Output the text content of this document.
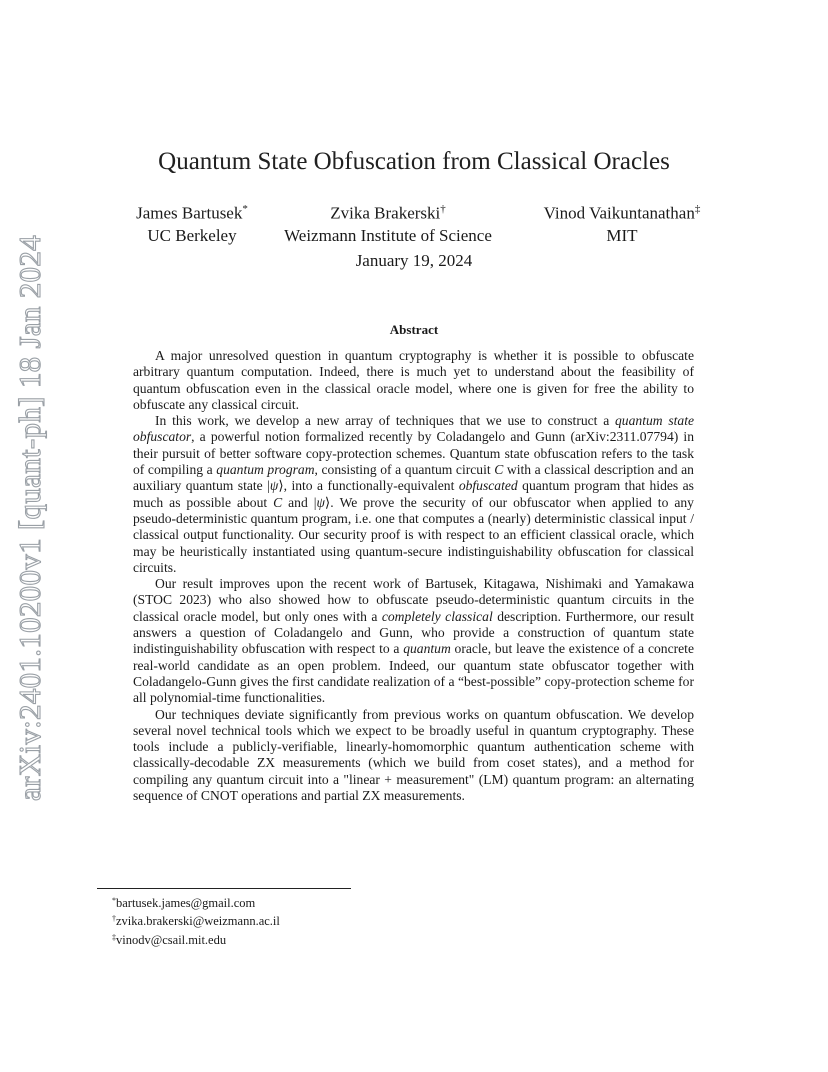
arXiv:2401.10200v1 [quant-ph] 18 Jan 2024
Quantum State Obfuscation from Classical Oracles
James Bartusek*
UC Berkeley
Zvika Brakerski†
Weizmann Institute of Science
Vinod Vaikuntanathan‡
MIT
January 19, 2024
Abstract

A major unresolved question in quantum cryptography is whether it is possible to obfuscate arbitrary quantum computation. Indeed, there is much yet to understand about the feasibility of quantum obfuscation even in the classical oracle model, where one is given for free the ability to obfuscate any classical circuit.

In this work, we develop a new array of techniques that we use to construct a quantum state obfuscator, a powerful notion formalized recently by Coladangelo and Gunn (arXiv:2311.07794) in their pursuit of better software copy-protection schemes. Quantum state obfuscation refers to the task of compiling a quantum program, consisting of a quantum circuit C with a classical description and an auxiliary quantum state |ψ⟩, into a functionally-equivalent obfuscated quantum program that hides as much as possible about C and |ψ⟩. We prove the security of our obfuscator when applied to any pseudo-deterministic quantum program, i.e. one that computes a (nearly) deterministic classical input / classical output functionality. Our security proof is with respect to an efficient classical oracle, which may be heuristically instantiated using quantum-secure indistinguishability obfuscation for classical circuits.

Our result improves upon the recent work of Bartusek, Kitagawa, Nishimaki and Yamakawa (STOC 2023) who also showed how to obfuscate pseudo-deterministic quantum circuits in the classical oracle model, but only ones with a completely classical description. Furthermore, our result answers a question of Coladangelo and Gunn, who provide a construction of quantum state indistinguishability obfuscation with respect to a quantum oracle, but leave the existence of a concrete real-world candidate as an open problem. Indeed, our quantum state obfuscator together with Coladangelo-Gunn gives the first candidate realization of a “best-possible” copy-protection scheme for all polynomial-time functionalities.

Our techniques deviate significantly from previous works on quantum obfuscation. We develop several novel technical tools which we expect to be broadly useful in quantum cryptography. These tools include a publicly-verifiable, linearly-homomorphic quantum authentication scheme with classically-decodable ZX measurements (which we build from coset states), and a method for compiling any quantum circuit into a "linear + measurement" (LM) quantum program: an alternating sequence of CNOT operations and partial ZX measurements.

*bartusek.james@gmail.com
†zvika.brakerski@weizmann.ac.il
‡vinodv@csail.mit.edu
